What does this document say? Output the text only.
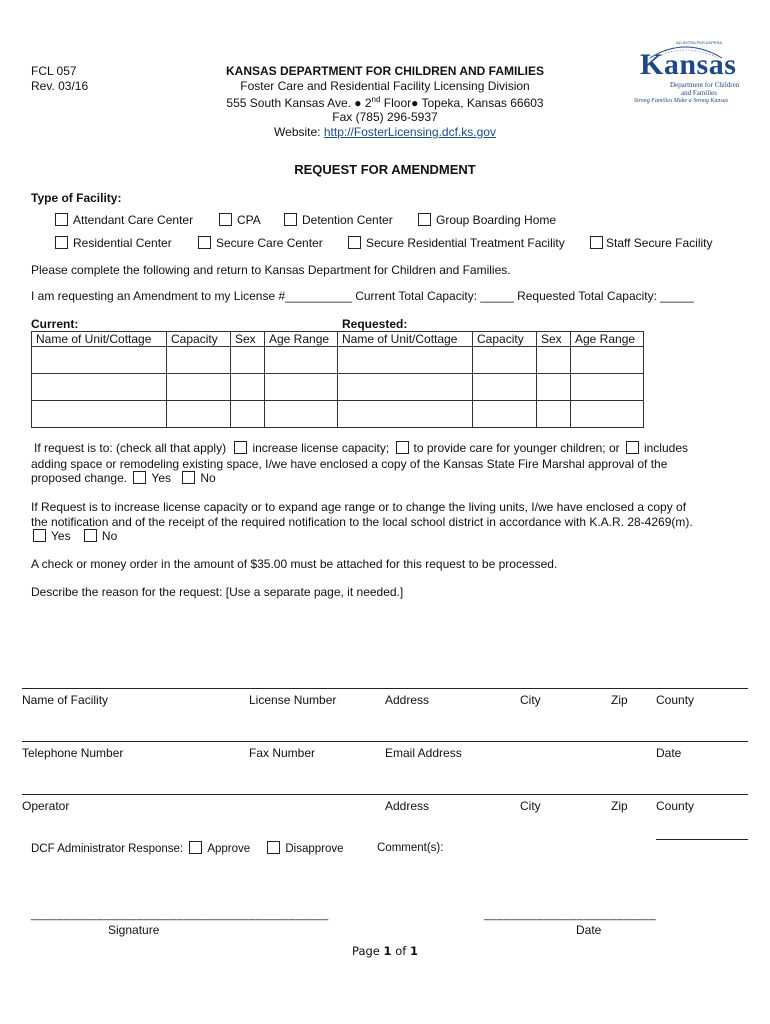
FCL 057
Rev. 03/16
KANSAS DEPARTMENT FOR CHILDREN AND FAMILIES
Foster Care and Residential Facility Licensing Division
555 South Kansas Ave. ● 2nd Floor● Topeka, Kansas 66603
Fax (785) 296-5937
Website: http://FosterLicensing.dcf.ks.gov
AD ASTRA PER ASPERA
Kansas
Department for Children
and Families
Strong Families Make a Strong Kansas
REQUEST FOR AMENDMENT
Type of Facility:
Attendant Care Center	CPA	Detention Center	Group Boarding Home
Residential Center	Secure Care Center	Secure Residential Treatment Facility	Staff Secure Facility
Please complete the following and return to Kansas Department for Children and Families.
I am requesting an Amendment to my License #__________ Current Total Capacity: _____ Requested Total Capacity: _____
Current:	Requested:
Name of Unit/Cottage	Capacity	Sex	Age Range	Name of Unit/Cottage	Capacity	Sex	Age Range

If request is to: (check all that apply) increase license capacity; to provide care for younger children; or includes
adding space or remodeling existing space, I/we have enclosed a copy of the Kansas State Fire Marshal approval of the
proposed change. Yes No
If Request is to increase license capacity or to expand age range or to change the living units, I/we have enclosed a copy of
the notification and of the receipt of the required notification to the local school district in accordance with K.A.R. 28-4269(m).
Yes	No
A check or money order in the amount of $35.00 must be attached for this request to be processed.
Describe the reason for the request: [Use a separate page, it needed.]
Name of Facility	License Number	Address	City	Zip County
Telephone Number	Fax Number	Email Address	Date
Operator	Address	City	Zip County
DCF Administrator Response: Approve	Disapprove	Comment(s):
_____________________________________________	__________________________
Signature	Date
Page 1 of 1
